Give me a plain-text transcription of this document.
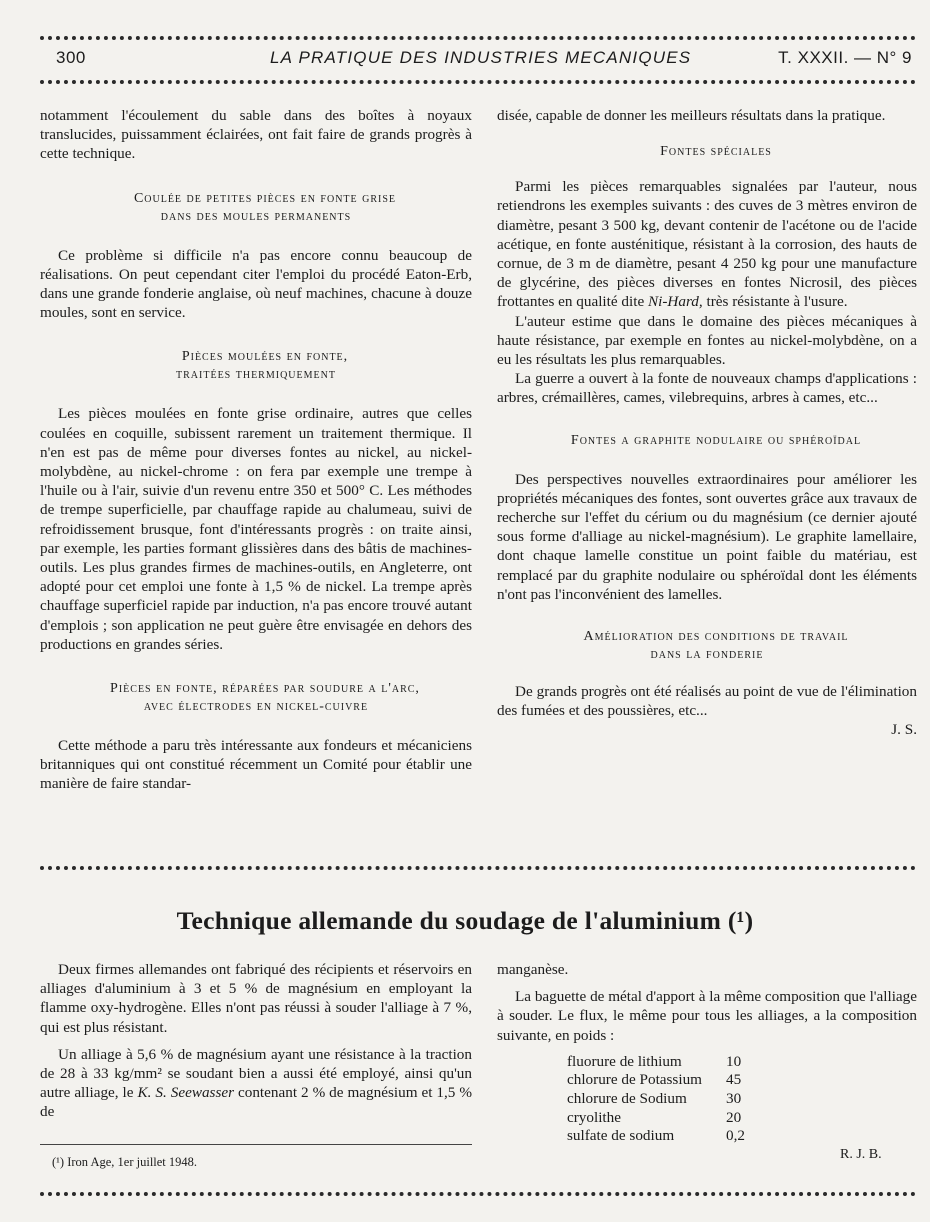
300	LA PRATIQUE DES INDUSTRIES MECANIQUES	T. XXXII. — N° 9

notamment l'écoulement du sable dans des boîtes à noyaux translucides, puissamment éclairées, ont fait faire de grands progrès à cette technique.

Coulée de petites pièces en fonte grise
dans des moules permanents

Ce problème si difficile n'a pas encore connu beaucoup de réalisations. On peut cependant citer l'emploi du procédé Eaton-Erb, dans une grande fonderie anglaise, où neuf machines, chacune à douze moules, sont en service.

Pièces moulées en fonte,
traitées thermiquement

Les pièces moulées en fonte grise ordinaire, autres que celles coulées en coquille, subissent rarement un traitement thermique. Il n'en est pas de même pour diverses fontes au nickel, au nickel-molybdène, au nickel-chrome : on fera par exemple une trempe à l'huile ou à l'air, suivie d'un revenu entre 350 et 500° C. Les méthodes de trempe superficielle, par chauffage rapide au chalumeau, suivi de refroidissement brusque, font d'intéressants progrès : on traite ainsi, par exemple, les parties formant glissières dans des bâtis de machines-outils. Les plus grandes firmes de machines-outils, en Angleterre, ont adopté pour cet emploi une fonte à 1,5 % de nickel. La trempe après chauffage superficiel rapide par induction, n'a pas encore trouvé autant d'emplois ; son application ne peut guère être envisagée en dehors des productions en grandes séries.

Pièces en fonte, réparées par soudure a l'arc,
avec électrodes en nickel-cuivre

Cette méthode a paru très intéressante aux fondeurs et mécaniciens britanniques qui ont constitué récemment un Comité pour établir une manière de faire standar-

disée, capable de donner les meilleurs résultats dans la pratique.

Fontes spéciales

Parmi les pièces remarquables signalées par l'auteur, nous retiendrons les exemples suivants : des cuves de 3 mètres environ de diamètre, pesant 3 500 kg, devant contenir de l'acétone ou de l'acide acétique, en fonte austénitique, résistant à la corrosion, des hauts de cornue, de 3 m de diamètre, pesant 4 250 kg pour une manufacture de glycérine, des pièces diverses en fontes Nicrosil, des pièces frottantes en qualité dite Ni-Hard, très résistante à l'usure.

L'auteur estime que dans le domaine des pièces mécaniques à haute résistance, par exemple en fontes au nickel-molybdène, on a eu les résultats les plus remarquables.

La guerre a ouvert à la fonte de nouveaux champs d'applications : arbres, crémaillères, cames, vilebrequins, arbres à cames, etc...

Fontes a graphite nodulaire ou sphéroïdal

Des perspectives nouvelles extraordinaires pour améliorer les propriétés mécaniques des fontes, sont ouvertes grâce aux travaux de recherche sur l'effet du cérium ou du magnésium (ce dernier ajouté sous forme d'alliage au nickel-magnésium). Le graphite lamellaire, dont chaque lamelle constitue un point faible du matériau, est remplacé par du graphite nodulaire ou sphéroïdal dont les éléments n'ont pas l'inconvénient des lamelles.

Amélioration des conditions de travail
dans la fonderie

De grands progrès ont été réalisés au point de vue de l'élimination des fumées et des poussières, etc...

J. S.

Technique allemande du soudage de l'aluminium (¹)

Deux firmes allemandes ont fabriqué des récipients et réservoirs en alliages d'aluminium à 3 et 5 % de magnésium en employant la flamme oxy-hydrogène. Elles n'ont pas réussi à souder l'alliage à 7 %, qui est plus résistant.

Un alliage à 5,6 % de magnésium ayant une résistance à la traction de 28 à 33 kg/mm² se soudant bien a aussi été employé, ainsi qu'un autre alliage, le K. S. Seewasser contenant 2 % de magnésium et 1,5 % de

manganèse.

La baguette de métal d'apport à la même composition que l'alliage à souder. Le flux, le même pour tous les alliages, a la composition suivante, en poids :

fluorure de lithium	10
chlorure de Potassium	45
chlorure de Sodium	30
cryolithe	20
sulfate de sodium	0,2
(¹) Iron Age, 1er juillet 1948.	R. J. B.
